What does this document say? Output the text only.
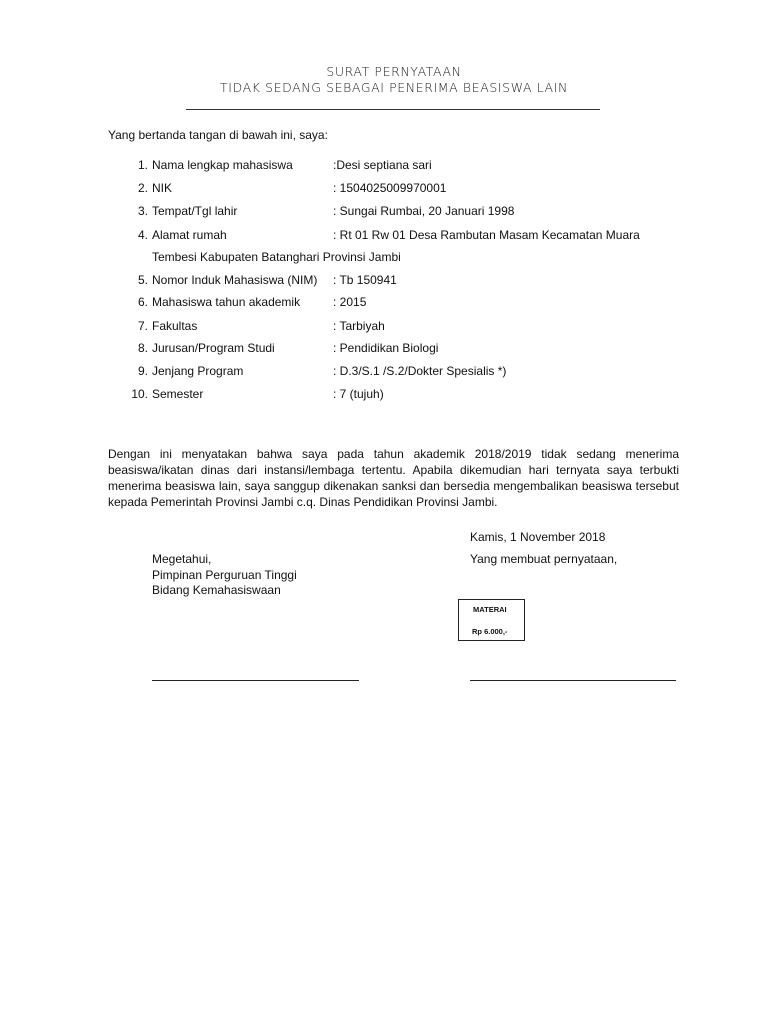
SURAT PERNYATAAN
TIDAK SEDANG SEBAGAI PENERIMA BEASISWA LAIN
Yang bertanda tangan di bawah ini, saya:
1. Nama lengkap mahasiswa	:Desi septiana sari
2. NIK	: 1504025009970001
3. Tempat/Tgl lahir	: Sungai Rumbai, 20 Januari 1998
4. Alamat rumah	: Rt 01 Rw 01 Desa Rambutan Masam Kecamatan Muara
Tembesi Kabupaten Batanghari Provinsi Jambi
5. Nomor Induk Mahasiswa (NIM) : Tb 150941
6. Mahasiswa tahun akademik	: 2015
7. Fakultas	: Tarbiyah
8. Jurusan/Program Studi	: Pendidikan Biologi
9. Jenjang Program	: D.3/S.1 /S.2/Dokter Spesialis *)
10. Semester	: 7 (tujuh)
Dengan ini menyatakan bahwa saya pada tahun akademik 2018/2019 tidak sedang menerima beasiswa/ikatan dinas dari instansi/lembaga tertentu. Apabila dikemudian hari ternyata saya terbukti menerima beasiswa lain, saya sanggup dikenakan sanksi dan bersedia mengembalikan beasiswa tersebut kepada Pemerintah Provinsi Jambi c.q. Dinas Pendidikan Provinsi Jambi.
Kamis, 1 November 2018
Megetahui,
Pimpinan Perguruan Tinggi
Bidang Kemahasiswaan
Yang membuat pernyataan,
MATERAI
Rp 6.000,-
